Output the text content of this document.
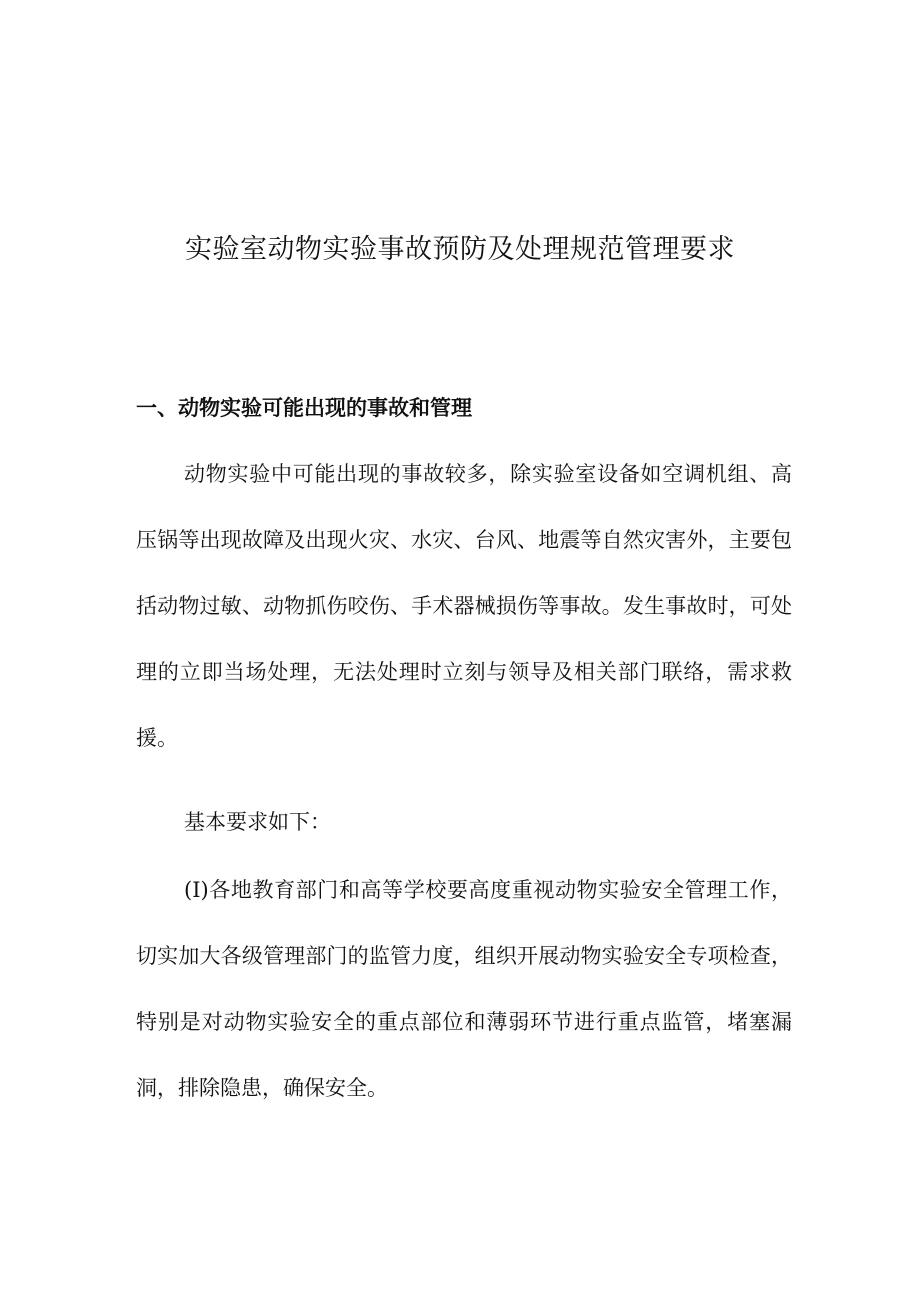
实验室动物实验事故预防及处理规范管理要求
一、动物实验可能出现的事故和管理

动物实验中可能出现的事故较多，除实验室设备如空调机组、高压锅等出现故障及出现火灾、水灾、台风、地震等自然灾害外，主要包括动物过敏、动物抓伤咬伤、手术器械损伤等事故。发生事故时，可处理的立即当场处理，无法处理时立刻与领导及相关部门联络，需求救援。

基本要求如下：

(I)各地教育部门和高等学校要高度重视动物实验安全管理工作，切实加大各级管理部门的监管力度，组织开展动物实验安全专项检查，特别是对动物实验安全的重点部位和薄弱环节进行重点监管，堵塞漏洞，排除隐患，确保安全。
